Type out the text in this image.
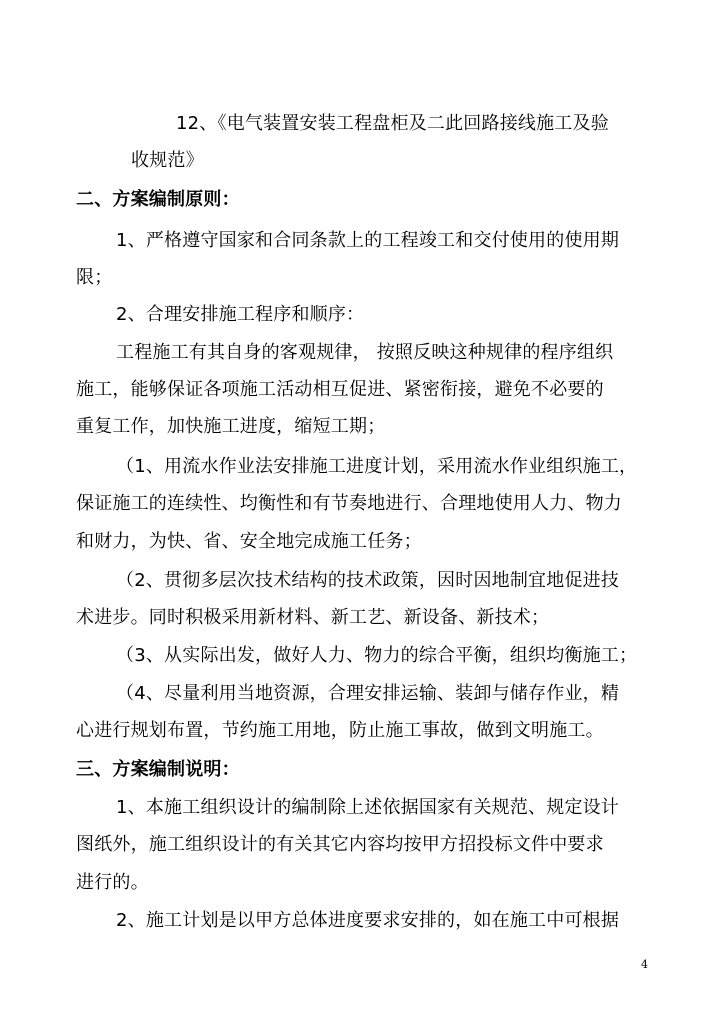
12、《电气装置安装工程盘柜及二此回路接线施工及验
收规范》
二、方案编制原则：
1、严格遵守国家和合同条款上的工程竣工和交付使用的使用期
限；
2、合理安排施工程序和顺序：
工程施工有其自身的客观规律， 按照反映这种规律的程序组织
施工，能够保证各项施工活动相互促进、紧密衔接，避免不必要的
重复工作，加快施工进度，缩短工期；
（1、用流水作业法安排施工进度计划，采用流水作业组织施工，
保证施工的连续性、均衡性和有节奏地进行、合理地使用人力、物力
和财力，为快、省、安全地完成施工任务；
（2、贯彻多层次技术结构的技术政策，因时因地制宜地促进技
术进步。同时积极采用新材料、新工艺、新设备、新技术；
（3、从实际出发，做好人力、物力的综合平衡，组织均衡施工；
（4、尽量利用当地资源，合理安排运输、装卸与储存作业，精
心进行规划布置，节约施工用地，防止施工事故，做到文明施工。
三、方案编制说明：
1、本施工组织设计的编制除上述依据国家有关规范、规定设计
图纸外，施工组织设计的有关其它内容均按甲方招投标文件中要求
进行的。
2、施工计划是以甲方总体进度要求安排的，如在施工中可根据
4
